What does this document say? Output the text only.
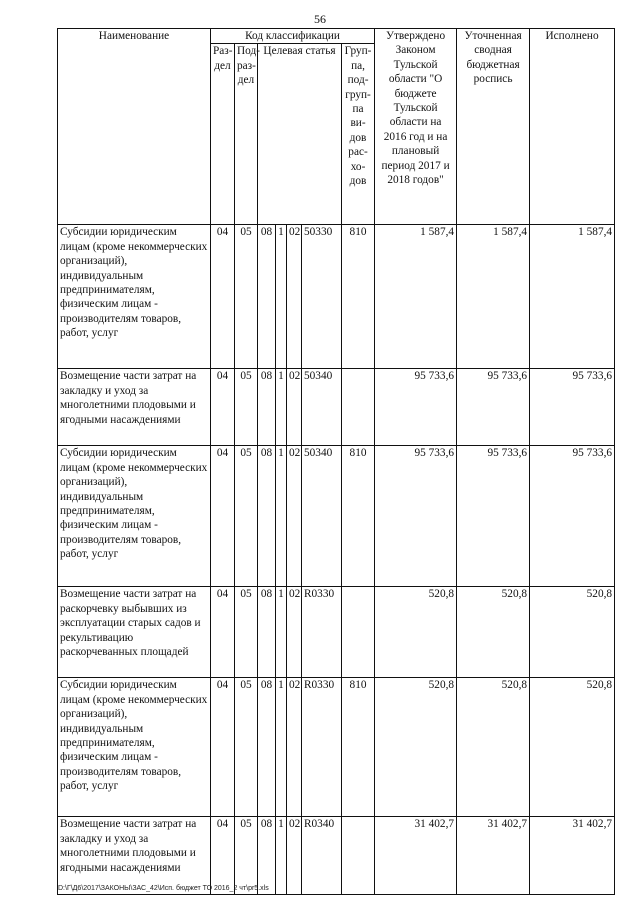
56
Наименование	Код классификации							Утверждено Законом Тульской области "О бюджете Тульской области на 2016 год и на плановый период 2017 и 2018 годов"	Уточненная сводная бюджетная роспись	Исполнено
	Раз-дел	Под-раз-дел	Целевая статья				Груп-па, под-груп-па ви-дов рас-хо-дов			
Субсидии юридическим лицам (кроме некоммерческих организаций), индивидуальным предпринимателям, физическим лицам - производителям товаров, работ, услуг	04	05	08	1	02	50330	810	1 587,4	1 587,4	1 587,4
Возмещение части затрат на закладку и уход за многолетними плодовыми и ягодными насаждениями	04	05	08	1	02	50340		95 733,6	95 733,6	95 733,6
Субсидии юридическим лицам (кроме некоммерческих организаций), индивидуальным предпринимателям, физическим лицам - производителям товаров, работ, услуг	04	05	08	1	02	50340	810	95 733,6	95 733,6	95 733,6
Возмещение части затрат на раскорчевку выбывших из эксплуатации старых садов и рекультивацию раскорчеванных площадей	04	05	08	1	02	R0330		520,8	520,8	520,8
Субсидии юридическим лицам (кроме некоммерческих организаций), индивидуальным предпринимателям, физическим лицам - производителям товаров, работ, услуг	04	05	08	1	02	R0330	810	520,8	520,8	520,8
Возмещение части затрат на закладку и уход за многолетними плодовыми и ягодными насаждениями	04	05	08	1	02	R0340		31 402,7	31 402,7	31 402,7
D:\Г\Д6\2017\ЗАКОНЫ\ЗАС_42\Исп. бюджет ТО 2016_2 чт\pr5.xls
